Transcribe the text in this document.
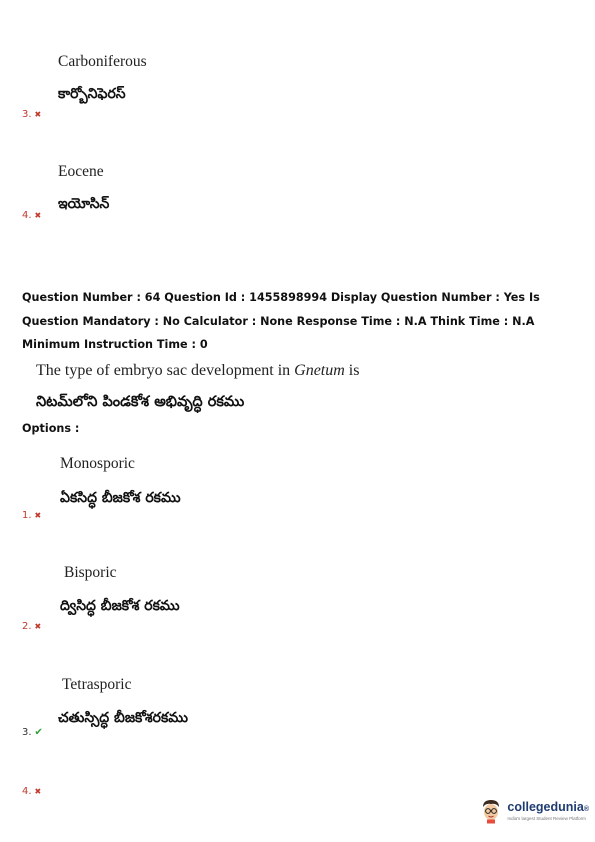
Carboniferous
కార్బోనిఫెరస్
3. ✖
Eocene
ఇయోసిన్
4. ✖
Question Number : 64 Question Id : 1455898994 Display Question Number : Yes Is Question Mandatory : No Calculator : None Response Time : N.A Think Time : N.A Minimum Instruction Time : 0
The type of embryo sac development in Gnetum is
నిటమ్‌లోని పిండకోశ అభివృద్ధి రకము
Options :
Monosporic
ఏకసిద్ధ బీజకోశ రకము
1. ✖
Bisporic
ద్విసిద్ధ బీజకోశ రకము
2. ✖
Tetrasporic
చతుస్సిద్ధ బీజకోశరకము
3. ✔
4. ✖
collegedunia®
India's largest Student Review Platform
